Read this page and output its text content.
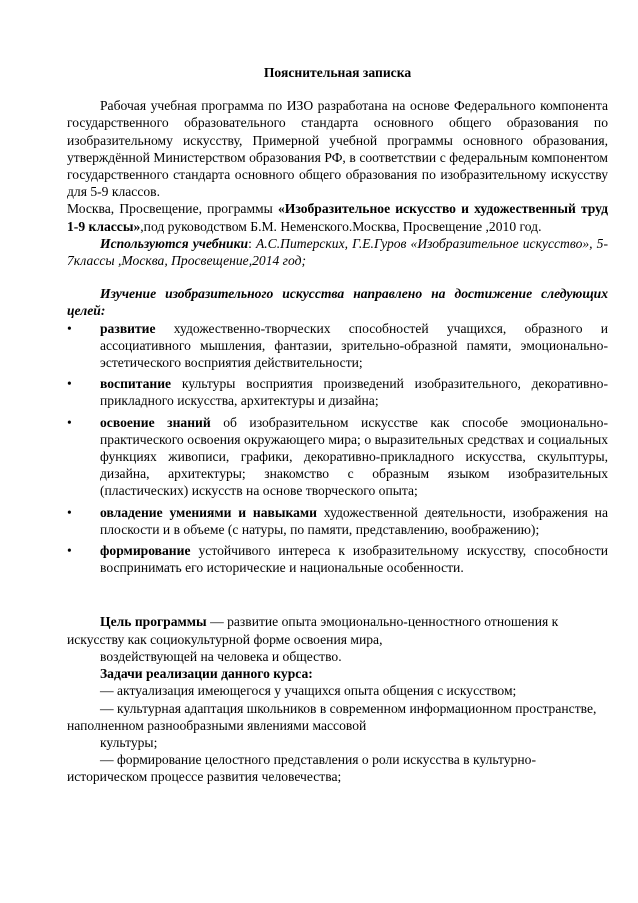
Пояснительная записка

Рабочая учебная программа по ИЗО разработана на основе Федерального компонента государственного образовательного стандарта основного общего образования по изобразительному искусству, Примерной учебной программы основного образования, утверждённой Министерством образования РФ, в соответствии с федеральным компонентом государственного стандарта основного общего образования по изобразительному искусству для 5-9 классов.
Москва, Просвещение, программы «Изобразительное искусство и художественный труд 1-9 классы»,под руководством Б.М. Неменского.Москва, Просвещение ,2010 год.

Используются учебники: А.С.Питерских, Г.Е.Гуров «Изобразительное искусство», 5-7классы ,Москва, Просвещение,2014 год;

Изучение изобразительного искусства направлено на достижение следующих целей:

• развитие художественно-творческих способностей учащихся, образного и ассоциативного мышления, фантазии, зрительно-образной памяти, эмоционально-эстетического восприятия действительности;
• воспитание культуры восприятия произведений изобразительного, декоративно-прикладного искусства, архитектуры и дизайна;
• освоение знаний об изобразительном искусстве как способе эмоционально-практического освоения окружающего мира; о выразительных средствах и социальных функциях живописи, графики, декоративно-прикладного искусства, скульптуры, дизайна, архитектуры; знакомство с образным языком изобразительных (пластических) искусств на основе творческого опыта;
• овладение умениями и навыками художественной деятельности, изображения на плоскости и в объеме (с натуры, по памяти, представлению, воображению);
• формирование устойчивого интереса к изобразительному искусству, способности воспринимать его исторические и национальные особенности.

Цель программы — развитие опыта эмоционально-ценностного отношения к искусству как социокультурной форме освоения мира,

воздействующей на человека и общество.

Задачи реализации данного курса:

— актуализация имеющегося у учащихся опыта общения с искусством;

— культурная адаптация школьников в современном информационном пространстве, наполненном разнообразными явлениями массовой

культуры;

— формирование целостного представления о роли искусства в культурно-историческом процессе развития человечества;
